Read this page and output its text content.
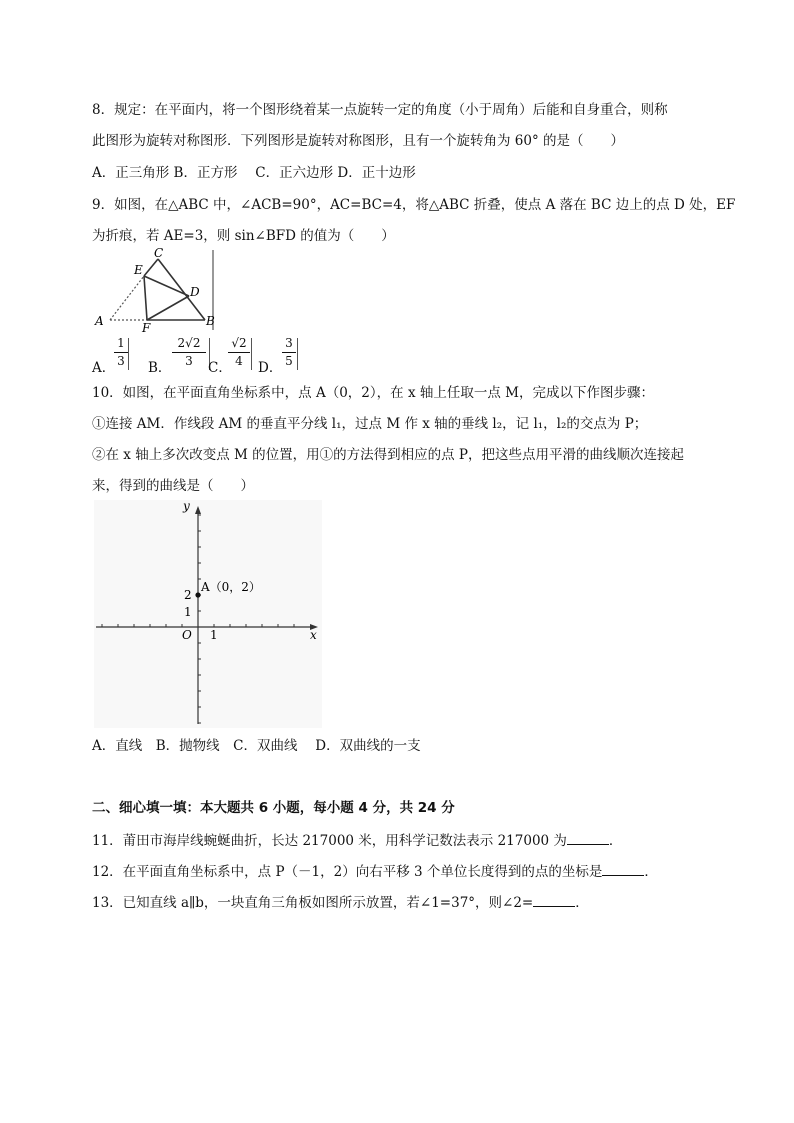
8．规定：在平面内，将一个图形绕着某一点旋转一定的角度（小于周角）后能和自身重合，则称
此图形为旋转对称图形．下列图形是旋转对称图形，且有一个旋转角为 60° 的是（　　）
A．正三角形 B．正方形　 C．正六边形 D．正十边形
9．如图，在△ABC 中，∠ACB=90°，AC=BC=4，将△ABC 折叠，使点 A 落在 BC 边上的点 D 处，EF
为折痕，若 AE=3，则 sin∠BFD 的值为（　　）
A	B
C
D
E
F
A．
1
3 B．
2√2
3	C．
√2
4	D．
3
5
10．如图，在平面直角坐标系中，点 A（0，2），在 x 轴上任取一点 M，完成以下作图步骤：
①连接 AM．作线段 AM 的垂直平分线 l₁，过点 M 作 x 轴的垂线 l₂，记 l₁，l₂的交点为 P；
②在 x 轴上多次改变点 M 的位置，用①的方法得到相应的点 P，把这些点用平滑的曲线顺次连接起
来，得到的曲线是（　　）
y
x
O 1
1
2
A（0，2）
A．直线　B．抛物线　C．双曲线　 D．双曲线的一支
二、细心填一填：本大题共 6 小题，每小题 4 分，共 24 分
11．莆田市海岸线蜿蜒曲折，长达 217000 米，用科学记数法表示 217000 为	．
12．在平面直角坐标系中，点 P（－1，2）向右平移 3 个单位长度得到的点的坐标是	．
13．已知直线 a∥b，一块直角三角板如图所示放置，若∠1=37°，则∠2=	．
